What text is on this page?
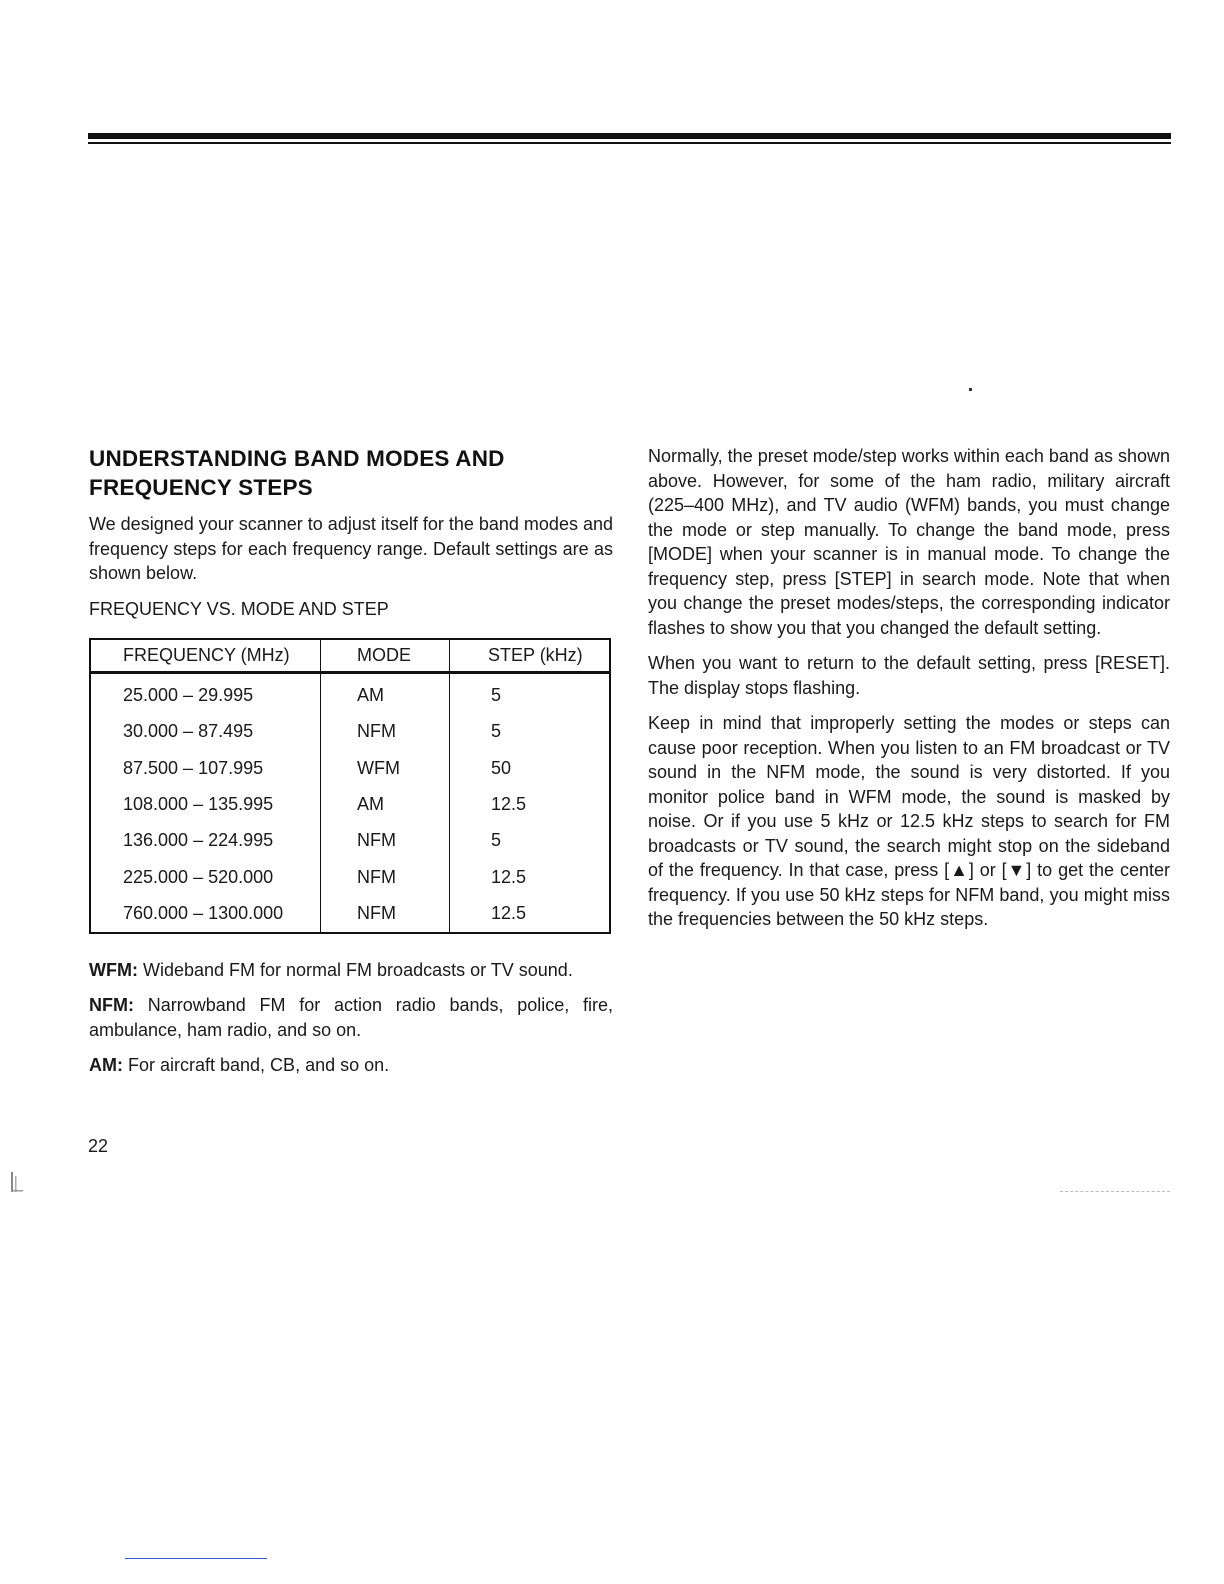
UNDERSTANDING BAND MODES AND FREQUENCY STEPS

We designed your scanner to adjust itself for the band modes and frequency steps for each frequency range. Default settings are as shown below.

FREQUENCY VS. MODE AND STEP
FREQUENCY (MHz)	MODE	STEP (kHz)
25.000 – 29.995	AM	5
30.000 – 87.495	NFM	5
87.500 – 107.995	WFM	50
108.000 – 135.995	AM	12.5
136.000 – 224.995	NFM	5
225.000 – 520.000	NFM	12.5
760.000 – 1300.000	NFM	12.5

WFM: Wideband FM for normal FM broadcasts or TV sound.

NFM: Narrowband FM for action radio bands, police, fire, ambulance, ham radio, and so on.

AM: For aircraft band, CB, and so on.

Normally, the preset mode/step works within each band as shown above. However, for some of the ham radio, military aircraft (225–400 MHz), and TV audio (WFM) bands, you must change the mode or step manually. To change the band mode, press [MODE] when your scanner is in manual mode. To change the frequency step, press [STEP] in search mode. Note that when you change the preset modes/steps, the corresponding indicator flashes to show you that you changed the default setting.

When you want to return to the default setting, press [RESET]. The display stops flashing.

Keep in mind that improperly setting the modes or steps can cause poor reception. When you listen to an FM broadcast or TV sound in the NFM mode, the sound is very distorted. If you monitor police band in WFM mode, the sound is masked by noise. Or if you use 5 kHz or 12.5 kHz steps to search for FM broadcasts or TV sound, the search might stop on the sideband of the frequency. In that case, press [▲] or [▼] to get the center frequency. If you use 50 kHz steps for NFM band, you might miss the frequencies between the 50 kHz steps.

22
